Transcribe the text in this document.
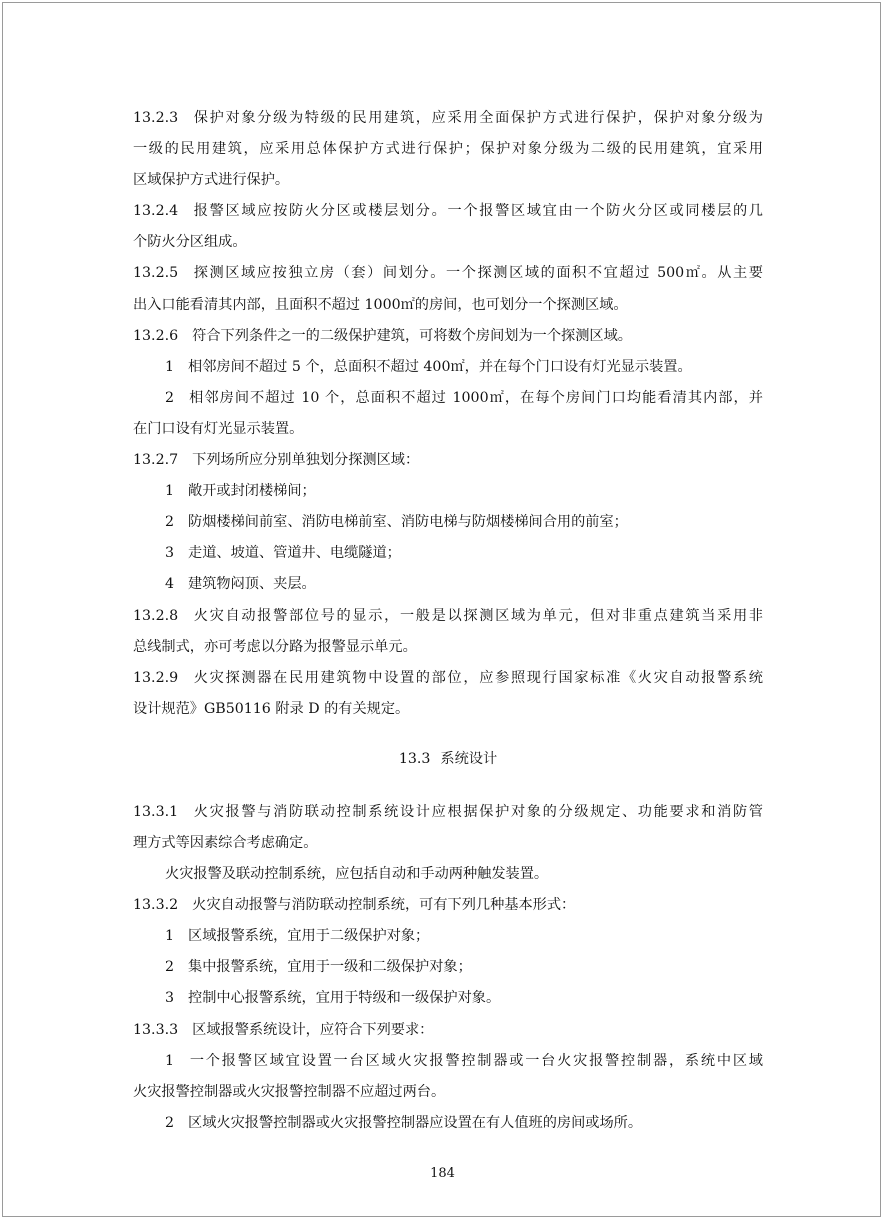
13.2.3 保护对象分级为特级的民用建筑，应采用全面保护方式进行保护，保护对象分级为
一级的民用建筑，应采用总体保护方式进行保护；保护对象分级为二级的民用建筑，宜采用
区域保护方式进行保护。
13.2.4 报警区域应按防火分区或楼层划分。一个报警区域宜由一个防火分区或同楼层的几
个防火分区组成。
13.2.5 探测区域应按独立房（套）间划分。一个探测区域的面积不宜超过 500㎡。从主要
出入口能看清其内部，且面积不超过 1000㎡的房间，也可划分一个探测区域。
13.2.6 符合下列条件之一的二级保护建筑，可将数个房间划为一个探测区域。
1 相邻房间不超过 5 个，总面积不超过 400㎡，并在每个门口设有灯光显示装置。
2 相邻房间不超过 10 个，总面积不超过 1000㎡，在每个房间门口均能看清其内部，并
在门口设有灯光显示装置。
13.2.7 下列场所应分别单独划分探测区域：
1 敞开或封闭楼梯间；
2 防烟楼梯间前室、消防电梯前室、消防电梯与防烟楼梯间合用的前室；
3 走道、坡道、管道井、电缆隧道；
4 建筑物闷顶、夹层。
13.2.8 火灾自动报警部位号的显示，一般是以探测区域为单元，但对非重点建筑当采用非
总线制式，亦可考虑以分路为报警显示单元。
13.2.9 火灾探测器在民用建筑物中设置的部位，应参照现行国家标准《火灾自动报警系统
设计规范》GB50116 附录 D 的有关规定。
13.3 系统设计
13.3.1 火灾报警与消防联动控制系统设计应根据保护对象的分级规定、功能要求和消防管
理方式等因素综合考虑确定。
火灾报警及联动控制系统，应包括自动和手动两种触发装置。
13.3.2 火灾自动报警与消防联动控制系统，可有下列几种基本形式：
1 区域报警系统，宜用于二级保护对象；
2 集中报警系统，宜用于一级和二级保护对象；
3 控制中心报警系统，宜用于特级和一级保护对象。
13.3.3 区域报警系统设计，应符合下列要求：
1 一个报警区域宜设置一台区域火灾报警控制器或一台火灾报警控制器，系统中区域
火灾报警控制器或火灾报警控制器不应超过两台。
2 区域火灾报警控制器或火灾报警控制器应设置在有人值班的房间或场所。
184
